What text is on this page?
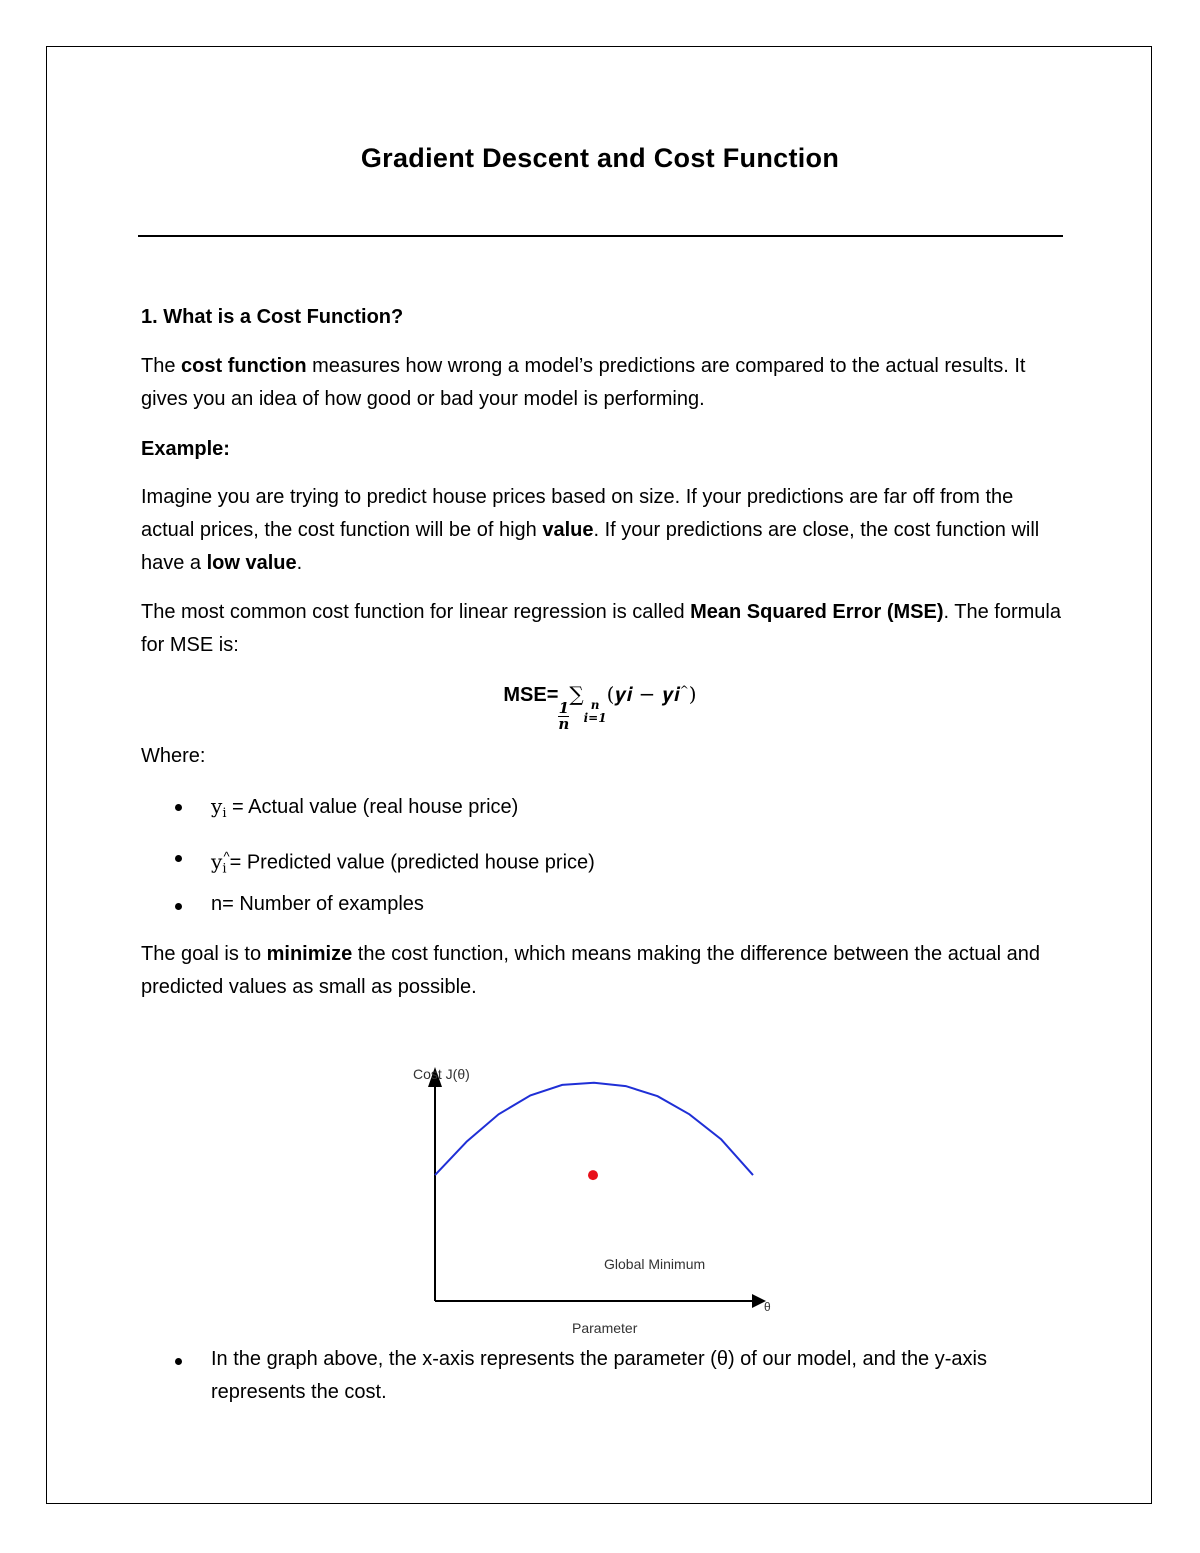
Gradient Descent and Cost Function
1. What is a Cost Function?
The cost function measures how wrong a model’s predictions are compared to the actual results. It gives you an idea of how good or bad your model is performing.
Example:
Imagine you are trying to predict house prices based on size. If your predictions are far off from the actual prices, the cost function will be of high value. If your predictions are close, the cost function will have a low value.
The most common cost function for linear regression is called Mean Squared Error (MSE). The formula for MSE is:
MSE=
$\frac{1}{n}$
∑ n
i=1
(𝒚𝒊 − 𝒚𝒊^)
Where:
$y_i$ = Actual value (real house price)
$y_i^{\^{}}=$ Predicted value (predicted house price)
n= Number of examples
The goal is to minimize the cost function, which means making the difference between the actual and predicted values as small as possible.
Cost J(θ)
θ
Parameter
Global Minimum
In the graph above, the x-axis represents the parameter (θ) of our model, and the y-axis represents the cost.
